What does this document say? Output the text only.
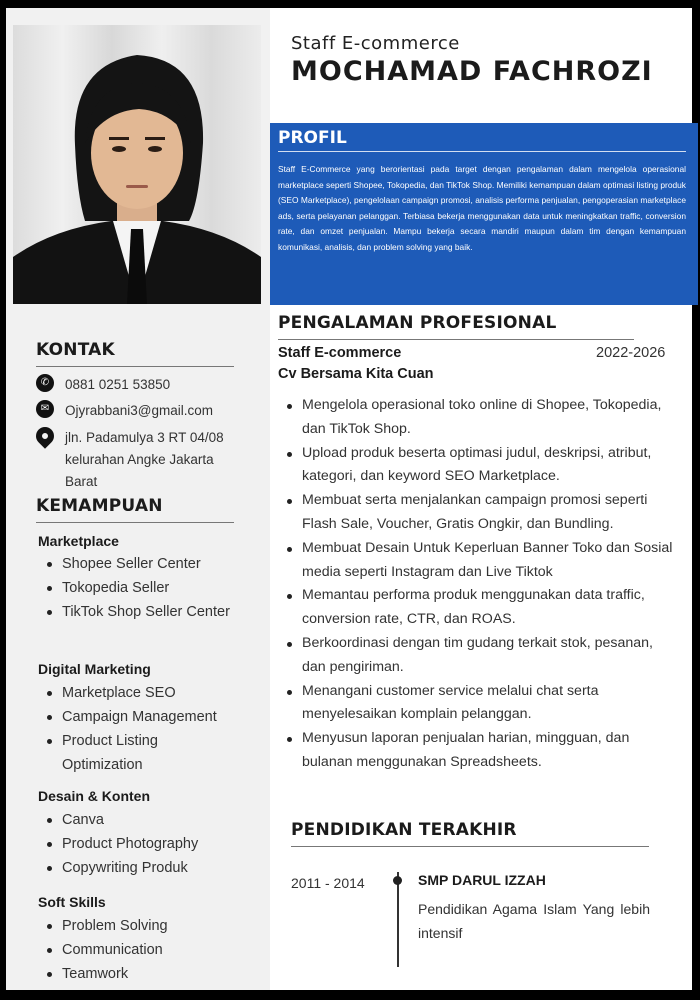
Staff E-commerce
MOCHAMAD FACHROZI
PROFIL
Staff E-Commerce yang berorientasi pada target dengan pengalaman dalam mengelola operasional marketplace seperti Shopee, Tokopedia, dan TikTok Shop. Memiliki kemampuan dalam optimasi listing produk (SEO Marketplace), pengelolaan campaign promosi, analisis performa penjualan, pengoperasian marketplace ads, serta pelayanan pelanggan. Terbiasa bekerja menggunakan data untuk meningkatkan traffic, conversion rate, dan omzet penjualan. Mampu bekerja secara mandiri maupun dalam tim dengan kemampuan komunikasi, analisis, dan problem solving yang baik.
KONTAK
✆	0881 0251 53850
✉	Ojyrabbani3@gmail.com
jln. Padamulya 3 RT 04/08 kelurahan Angke Jakarta Barat
KEMAMPUAN
Marketplace
Shopee Seller Center
Tokopedia Seller
TikTok Shop Seller Center
Digital Marketing
Marketplace SEO
Campaign Management
Product Listing Optimization
Desain & Konten
Canva
Product Photography
Copywriting Produk
Soft Skills
Problem Solving
Communication
Teamwork
PENGALAMAN PROFESIONAL
Staff E-commerce	2022-2026
Cv Bersama Kita Cuan
Mengelola operasional toko online di Shopee, Tokopedia, dan TikTok Shop.
Upload produk beserta optimasi judul, deskripsi, atribut, kategori, dan keyword SEO Marketplace.
Membuat serta menjalankan campaign promosi seperti Flash Sale, Voucher, Gratis Ongkir, dan Bundling.
Membuat Desain Untuk Keperluan Banner Toko dan Sosial media seperti Instagram dan Live Tiktok
Memantau performa produk menggunakan data traffic, conversion rate, CTR, dan ROAS.
Berkoordinasi dengan tim gudang terkait stok, pesanan, dan pengiriman.
Menangani customer service melalui chat serta menyelesaikan komplain pelanggan.
Menyusun laporan penjualan harian, mingguan, dan bulanan menggunakan Spreadsheets.
PENDIDIKAN TERAKHIR
2011 - 2014	SMP DARUL IZZAH
Pendidikan Agama Islam Yang lebih intensif
